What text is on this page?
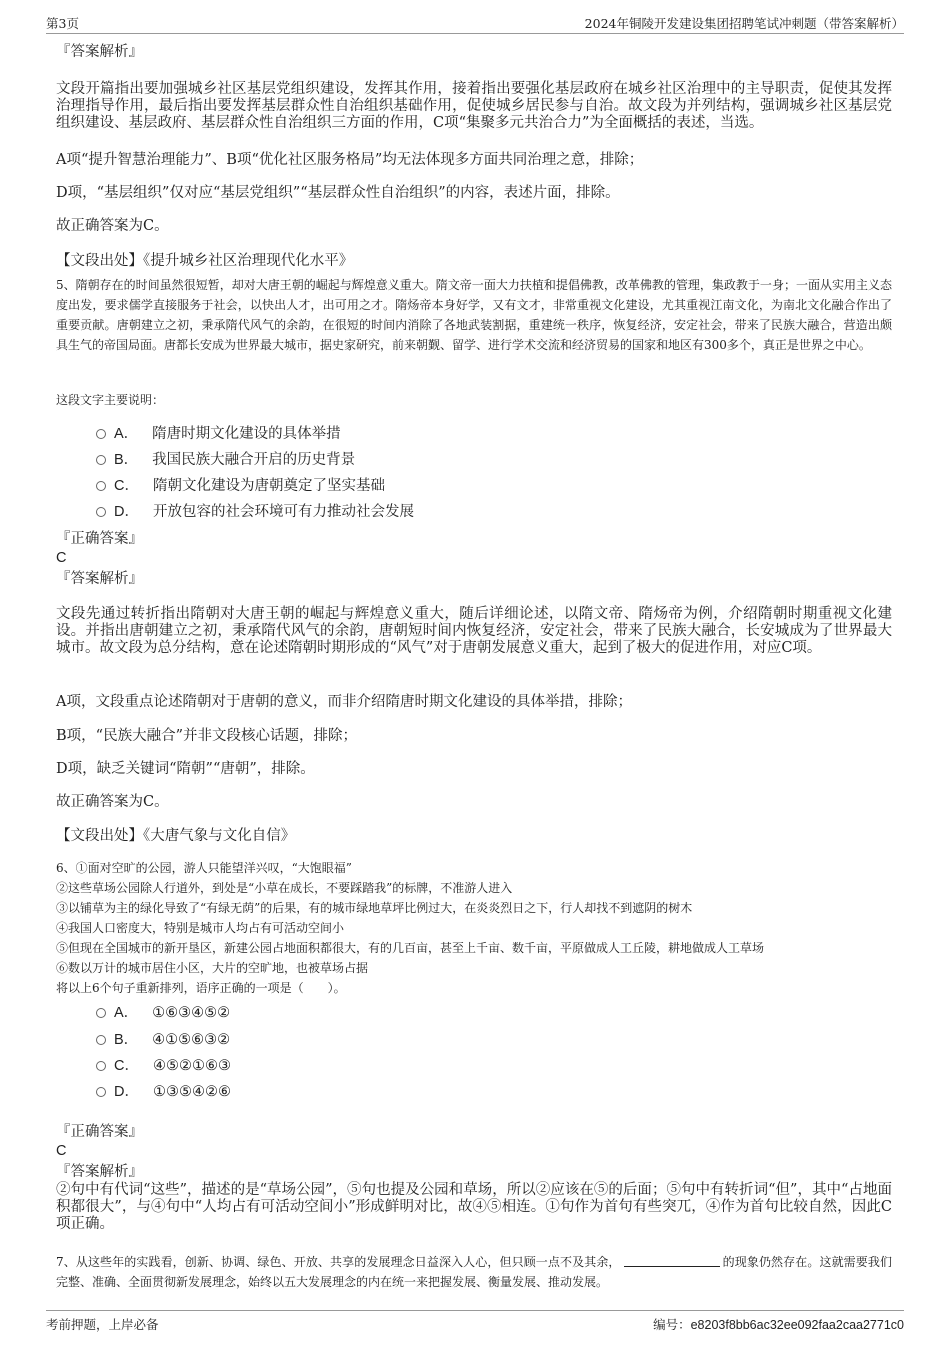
第3页	2024年铜陵开发建设集团招聘笔试冲刺题（带答案解析）
『答案解析』
文段开篇指出要加强城乡社区基层党组织建设，发挥其作用，接着指出要强化基层政府在城乡社区治理中的主导职责，促使其发挥治理指导作用，最后指出要发挥基层群众性自治组织基础作用，促使城乡居民参与自治。故文段为并列结构，强调城乡社区基层党组织建设、基层政府、基层群众性自治组织三方面的作用，C项“集聚多元共治合力”为全面概括的表述，当选。
A项“提升智慧治理能力”、B项“优化社区服务格局”均无法体现多方面共同治理之意，排除；
D项，“基层组织”仅对应“基层党组织”“基层群众性自治组织”的内容，表述片面，排除。
故正确答案为C。
【文段出处】《提升城乡社区治理现代化水平》
5、隋朝存在的时间虽然很短暂，却对大唐王朝的崛起与辉煌意义重大。隋文帝一面大力扶植和提倡佛教，改革佛教的管理，集政教于一身；一面从实用主义态度出发，要求儒学直接服务于社会，以快出人才，出可用之才。隋炀帝本身好学，又有文才，非常重视文化建设，尤其重视江南文化，为南北文化融合作出了重要贡献。唐朝建立之初，秉承隋代风气的余韵，在很短的时间内消除了各地武装割据，重建统一秩序，恢复经济，安定社会，带来了民族大融合，营造出颇具生气的帝国局面。唐都长安成为世界最大城市，据史家研究，前来朝觐、留学、进行学术交流和经济贸易的国家和地区有300多个，真正是世界之中心。
这段文字主要说明：
A． 隋唐时期文化建设的具体举措
B． 我国民族大融合开启的历史背景
C． 隋朝文化建设为唐朝奠定了坚实基础
D． 开放包容的社会环境可有力推动社会发展
『正确答案』
C
『答案解析』
文段先通过转折指出隋朝对大唐王朝的崛起与辉煌意义重大，随后详细论述，以隋文帝、隋炀帝为例，介绍隋朝时期重视文化建设。并指出唐朝建立之初，秉承隋代风气的余韵，唐朝短时间内恢复经济，安定社会，带来了民族大融合，长安城成为了世界最大城市。故文段为总分结构，意在论述隋朝时期形成的“风气”对于唐朝发展意义重大，起到了极大的促进作用，对应C项。
A项，文段重点论述隋朝对于唐朝的意义，而非介绍隋唐时期文化建设的具体举措，排除；
B项，“民族大融合”并非文段核心话题，排除；
D项，缺乏关键词“隋朝”“唐朝”，排除。
故正确答案为C。
【文段出处】《大唐气象与文化自信》
6、①面对空旷的公园，游人只能望洋兴叹，“大饱眼福”
②这些草场公园除人行道外，到处是“小草在成长，不要踩踏我”的标牌，不准游人进入
③以铺草为主的绿化导致了“有绿无荫”的后果，有的城市绿地草坪比例过大，在炎炎烈日之下，行人却找不到遮阴的树木
④我国人口密度大，特别是城市人均占有可活动空间小
⑤但现在全国城市的新开垦区，新建公园占地面积都很大，有的几百亩，甚至上千亩、数千亩，平原做成人工丘陵，耕地做成人工草场
⑥数以万计的城市居住小区，大片的空旷地，也被草场占据
将以上6个句子重新排列，语序正确的一项是（　　）。
A． ①⑥③④⑤②
B． ④①⑤⑥③②
C． ④⑤②①⑥③
D． ①③⑤④②⑥
『正确答案』
C
『答案解析』
②句中有代词“这些”，描述的是“草场公园”，⑤句也提及公园和草场，所以②应该在⑤的后面；⑤句中有转折词“但”，其中“占地面积都很大”，与④句中“人均占有可活动空间小”形成鲜明对比，故④⑤相连。①句作为首句有些突兀，④作为首句比较自然，因此C项正确。
7、从这些年的实践看，创新、协调、绿色、开放、共享的发展理念日益深入人心，但只顾一点不及其余，	的现象仍然存在。这就需要我们完整、准确、全面贯彻新发展理念，始终以五大发展理念的内在统一来把握发展、衡量发展、推动发展。
考前押题，上岸必备	编号：e8203f8bb6ac32ee092faa2caa2771c0
